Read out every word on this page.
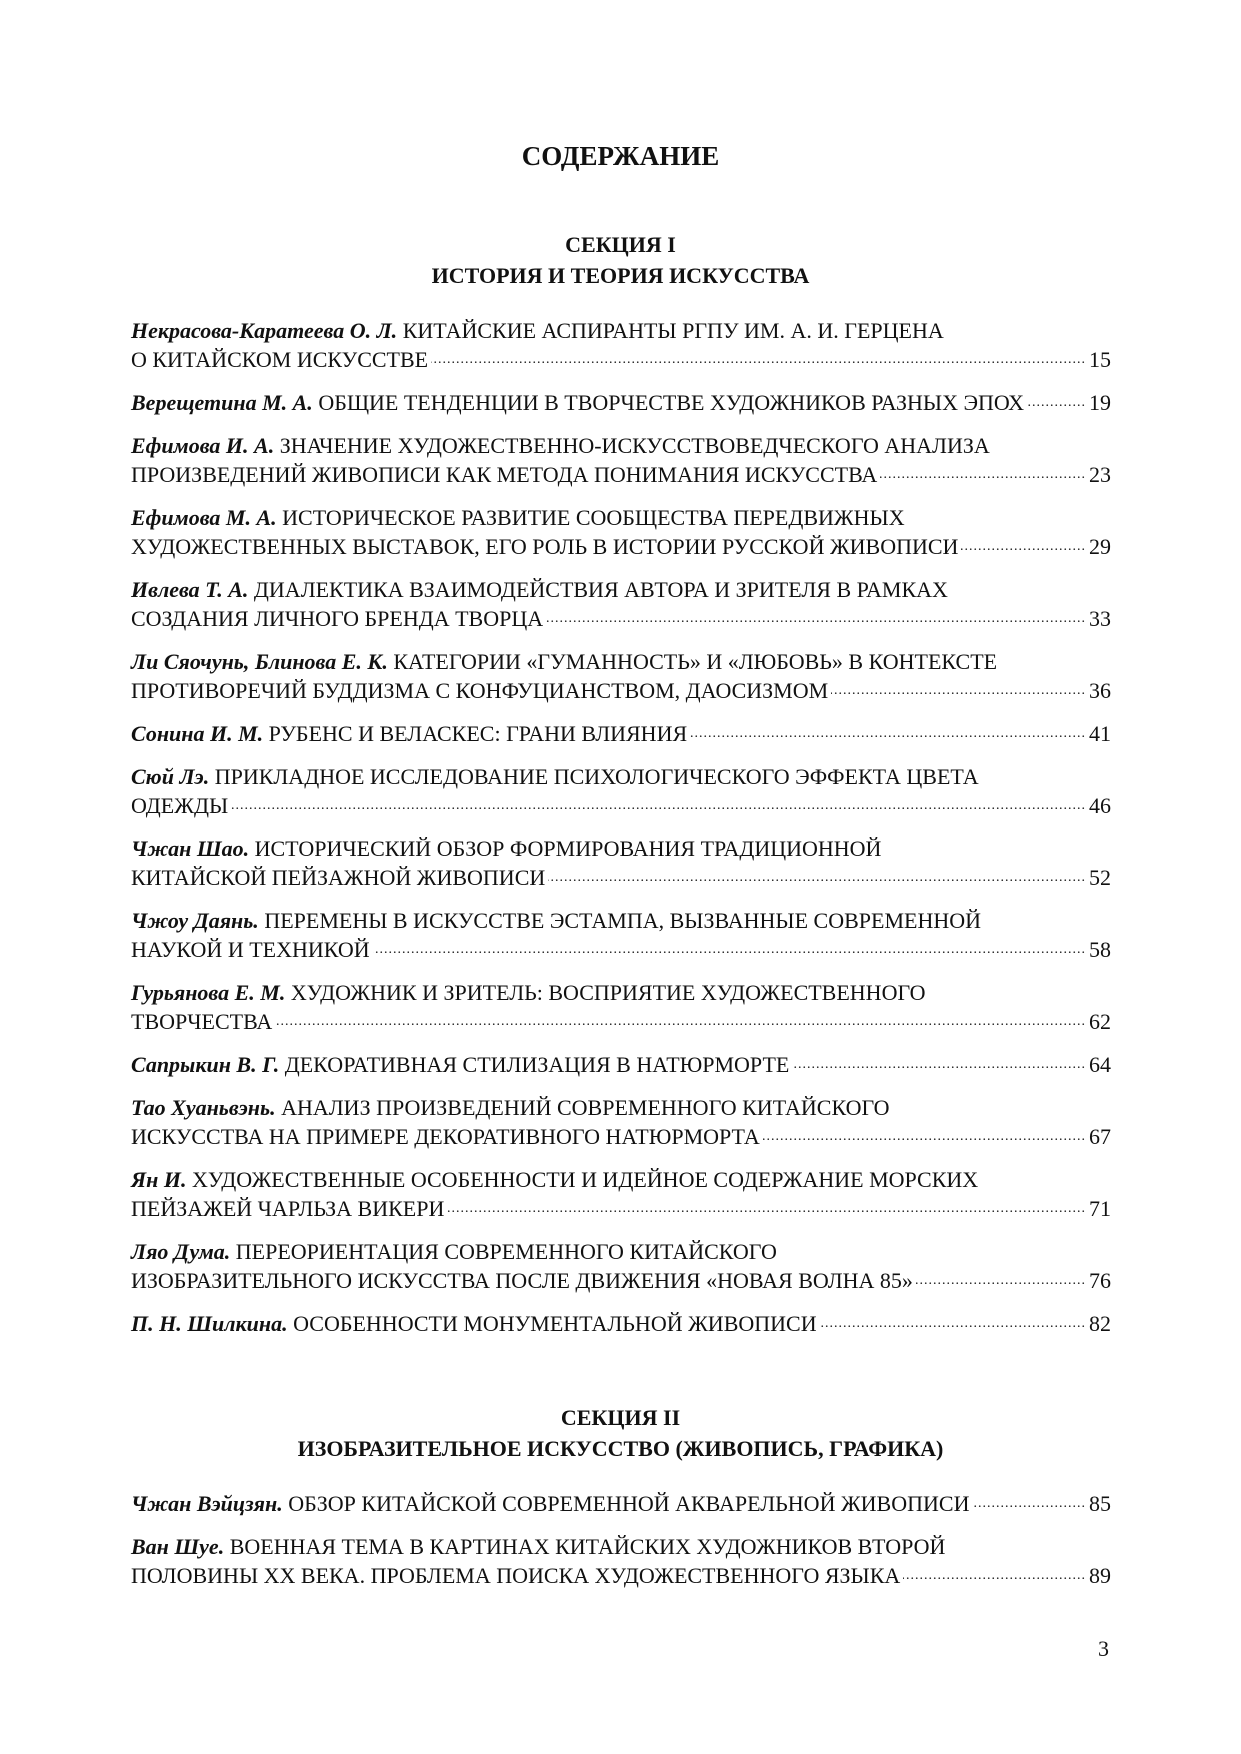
СОДЕРЖАНИЕ
СЕКЦИЯ I
ИСТОРИЯ И ТЕОРИЯ ИСКУССТВА
Некрасова-Каратеева О. Л.
КИТАЙСКИЕ АСПИРАНТЫ РГПУ ИМ. А. И. ГЕРЦЕНА
О КИТАЙСКОМ ИСКУССТВЕ .....	15
Верещетина М. А.
ОБЩИЕ ТЕНДЕНЦИИ В ТВОРЧЕСТВЕ ХУДОЖНИКОВ РАЗНЫХ ЭПОХ .....	19
Ефимова И. А.
ЗНАЧЕНИЕ ХУДОЖЕСТВЕННО-ИСКУССТВОВЕДЧЕСКОГО АНАЛИЗА
ПРОИЗВЕДЕНИЙ ЖИВОПИСИ КАК МЕТОДА ПОНИМАНИЯ ИСКУССТВА .....	23
Ефимова М. А.
ИСТОРИЧЕСКОЕ РАЗВИТИЕ СООБЩЕСТВА ПЕРЕДВИЖНЫХ
ХУДОЖЕСТВЕННЫХ ВЫСТАВОК, ЕГО РОЛЬ В ИСТОРИИ РУССКОЙ ЖИВОПИСИ .....	29
Ивлева Т. А.
ДИАЛЕКТИКА ВЗАИМОДЕЙСТВИЯ АВТОРА И ЗРИТЕЛЯ В РАМКАХ
СОЗДАНИЯ ЛИЧНОГО БРЕНДА ТВОРЦА .....	33
Ли Сяочунь, Блинова Е. К.
КАТЕГОРИИ «ГУМАННОСТЬ» И «ЛЮБОВЬ» В КОНТЕКСТЕ
ПРОТИВОРЕЧИЙ БУДДИЗМА С КОНФУЦИАНСТВОМ, ДАОСИЗМОМ .....	36
Сонина И. М.
РУБЕНС И ВЕЛАСКЕС: ГРАНИ ВЛИЯНИЯ .....	41
Сюй Лэ.
ПРИКЛАДНОЕ ИССЛЕДОВАНИЕ ПСИХОЛОГИЧЕСКОГО ЭФФЕКТА ЦВЕТА
ОДЕЖДЫ .....	46
Чжан Шао.
ИСТОРИЧЕСКИЙ ОБЗОР ФОРМИРОВАНИЯ ТРАДИЦИОННОЙ
КИТАЙСКОЙ ПЕЙЗАЖНОЙ ЖИВОПИСИ .....	52
Чжоу Даянь.
ПЕРЕМЕНЫ В ИСКУССТВЕ ЭСТАМПА, ВЫЗВАННЫЕ СОВРЕМЕННОЙ
НАУКОЙ И ТЕХНИКОЙ .....	58
Гурьянова Е. М.
ХУДОЖНИК И ЗРИТЕЛЬ: ВОСПРИЯТИЕ ХУДОЖЕСТВЕННОГО
ТВОРЧЕСТВА .....	62
Сапрыкин В. Г.
ДЕКОРАТИВНАЯ СТИЛИЗАЦИЯ В НАТЮРМОРТЕ .....	64
Тао Хуаньвэнь.
АНАЛИЗ ПРОИЗВЕДЕНИЙ СОВРЕМЕННОГО КИТАЙСКОГО
ИСКУССТВА НА ПРИМЕРЕ ДЕКОРАТИВНОГО НАТЮРМОРТА .....	67
Ян И.
ХУДОЖЕСТВЕННЫЕ ОСОБЕННОСТИ И ИДЕЙНОЕ СОДЕРЖАНИЕ МОРСКИХ
ПЕЙЗАЖЕЙ ЧАРЛЬЗА ВИКЕРИ .....	71
Ляо Дума.
ПЕРЕОРИЕНТАЦИЯ СОВРЕМЕННОГО КИТАЙСКОГО
ИЗОБРАЗИТЕЛЬНОГО ИСКУССТВА ПОСЛЕ ДВИЖЕНИЯ «НОВАЯ ВОЛНА 85» .....	76
П. Н. Шилкина.
ОСОБЕННОСТИ МОНУМЕНТАЛЬНОЙ ЖИВОПИСИ .....	82
СЕКЦИЯ II
ИЗОБРАЗИТЕЛЬНОЕ ИСКУССТВО (ЖИВОПИСЬ, ГРАФИКА)
Чжан Вэйцзян.
ОБЗОР КИТАЙСКОЙ СОВРЕМЕННОЙ АКВАРЕЛЬНОЙ ЖИВОПИСИ .....	85
Ван Шуе.
ВОЕННАЯ ТЕМА В КАРТИНАХ КИТАЙСКИХ ХУДОЖНИКОВ ВТОРОЙ
ПОЛОВИНЫ XX ВЕКА. ПРОБЛЕМА ПОИСКА ХУДОЖЕСТВЕННОГО ЯЗЫКА .....	89
3
